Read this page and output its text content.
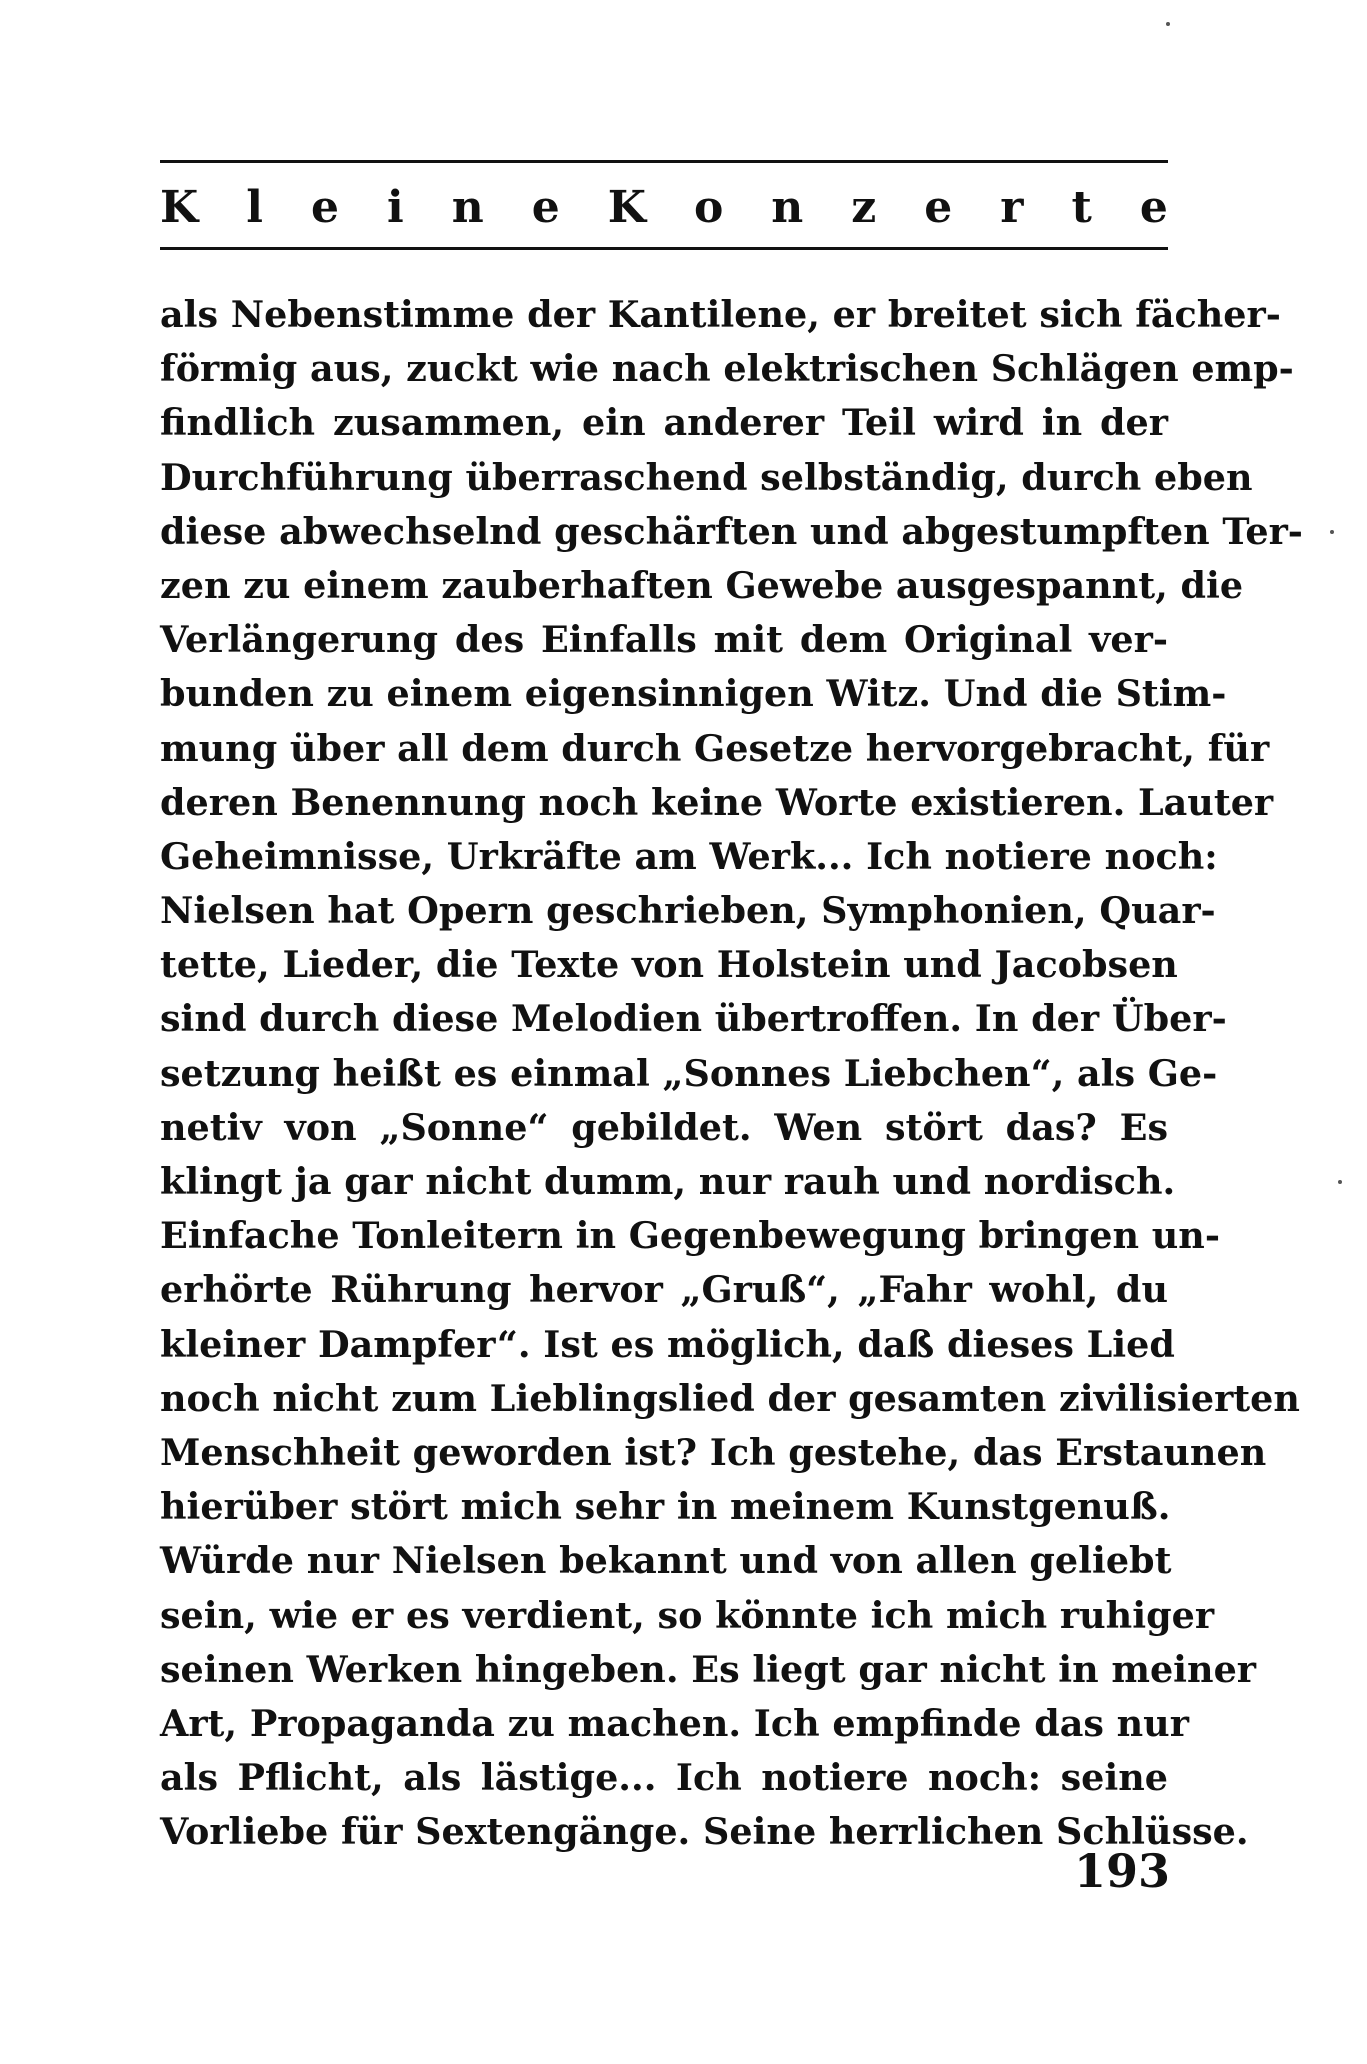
K l e i n e K o n z e r t e
als Nebenstimme der Kantilene, er breitet sich fächer-
förmig aus, zuckt wie nach elektrischen Schlägen emp-
findlich zusammen, ein anderer Teil wird in der
Durchführung überraschend selbständig, durch eben
diese abwechselnd geschärften und abgestumpften Ter-
zen zu einem zauberhaften Gewebe ausgespannt, die
Verlängerung des Einfalls mit dem Original ver-
bunden zu einem eigensinnigen Witz. Und die Stim-
mung über all dem durch Gesetze hervorgebracht, für
deren Benennung noch keine Worte existieren. Lauter
Geheimnisse, Urkräfte am Werk... Ich notiere noch:
Nielsen hat Opern geschrieben, Symphonien, Quar-
tette, Lieder, die Texte von Holstein und Jacobsen
sind durch diese Melodien übertroffen. In der Über-
setzung heißt es einmal „Sonnes Liebchen“, als Ge-
netiv von „Sonne“ gebildet. Wen stört das? Es
klingt ja gar nicht dumm, nur rauh und nordisch.
Einfache Tonleitern in Gegenbewegung bringen un-
erhörte Rührung hervor „Gruß“, „Fahr wohl, du
kleiner Dampfer“. Ist es möglich, daß dieses Lied
noch nicht zum Lieblingslied der gesamten zivilisierten
Menschheit geworden ist? Ich gestehe, das Erstaunen
hierüber stört mich sehr in meinem Kunstgenuß.
Würde nur Nielsen bekannt und von allen geliebt
sein, wie er es verdient, so könnte ich mich ruhiger
seinen Werken hingeben. Es liegt gar nicht in meiner
Art, Propaganda zu machen. Ich empfinde das nur
als Pflicht, als lästige... Ich notiere noch: seine
Vorliebe für Sextengänge. Seine herrlichen Schlüsse.
193
